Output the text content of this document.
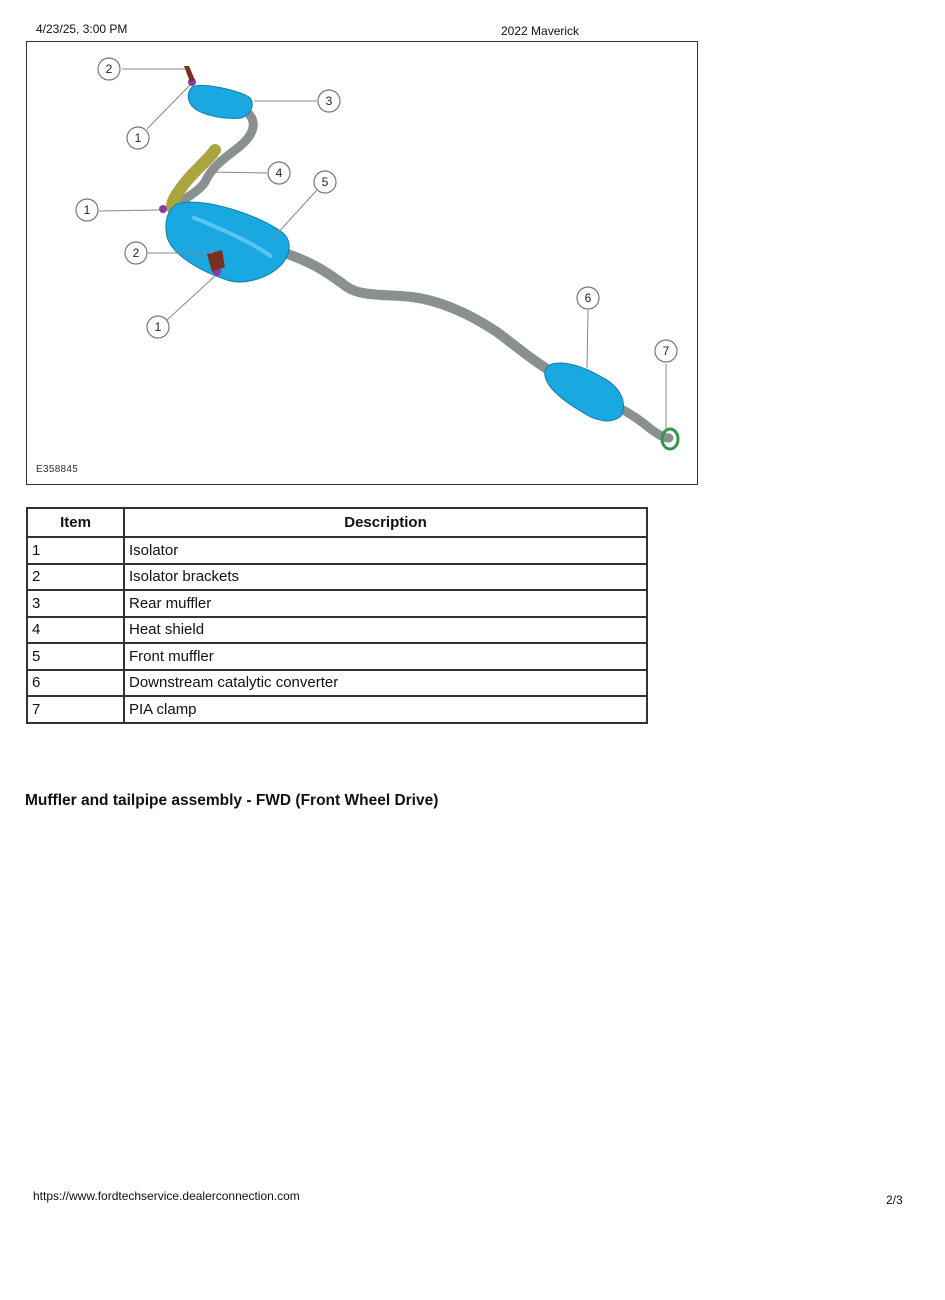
4/23/25, 3:00 PM	2022 Maverick
2
1
3
4
5
1
2
1
6
7
E358845
Item	Description
1	Isolator
2	Isolator brackets
3	Rear muffler
4	Heat shield
5	Front muffler
6	Downstream catalytic converter
7	PIA clamp
Muffler and tailpipe assembly - FWD (Front Wheel Drive)
https://www.fordtechservice.dealerconnection.com	2/3
